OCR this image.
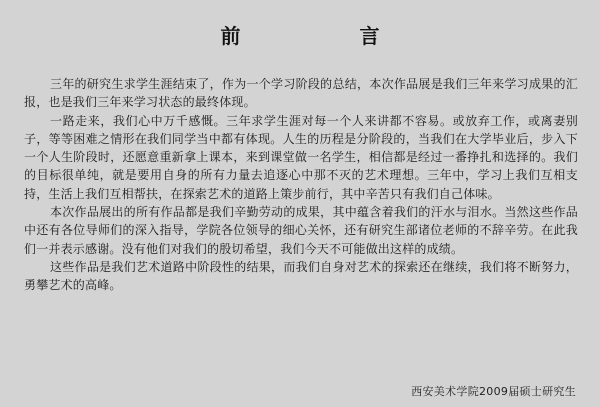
前 言

三年的研究生求学生涯结束了，作为一个学习阶段的总结，本次作品展是我们三年来学习成果的汇报，也是我们三年来学习状态的最终体现。

一路走来，我们心中万千感慨。三年求学生涯对每一个人来讲都不容易。或放弃工作，或离妻别子，等等困难之情形在我们同学当中都有体现。人生的历程是分阶段的，当我们在大学毕业后，步入下一个人生阶段时，还愿意重新拿上课本，来到课堂做一名学生，相信都是经过一番挣扎和选择的。我们的目标很单纯，就是要用自身的所有力量去追逐心中那不灭的艺术理想。三年中，学习上我们互相支持，生活上我们互相帮扶，在探索艺术的道路上策步前行，其中辛苦只有我们自己体味。

本次作品展出的所有作品都是我们辛勤劳动的成果，其中蕴含着我们的汗水与泪水。当然这些作品中还有各位导师们的深入指导，学院各位领导的细心关怀，还有研究生部诸位老师的不辞辛劳。在此我们一并表示感谢。没有他们对我们的殷切希望，我们今天不可能做出这样的成绩。

这些作品是我们艺术道路中阶段性的结果，而我们自身对艺术的探索还在继续，我们将不断努力，勇攀艺术的高峰。

西安美术学院2009届硕士研究生
